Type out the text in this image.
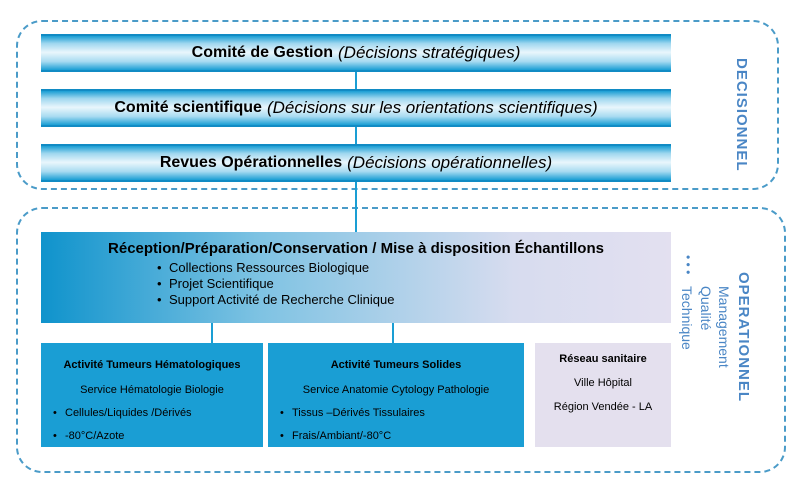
Comité de Gestion (Décisions stratégiques)
Comité scientifique (Décisions sur les orientations scientifiques)
Revues Opérationnelles (Décisions opérationnelles)	DECISIONNEL
OPERATIONNEL
Management
Qualité
Technique
• • •
Réception/Préparation/Conservation / Mise à disposition Échantillons
• Collections Ressources Biologique
• Projet Scientifique
• Support Activité de Recherche Clinique
Activité Tumeurs Hématologiques
Service Hématologie Biologie
• Cellules/Liquides /Dérivés
• -80°C/Azote
Activité Tumeurs Solides
Service Anatomie Cytology Pathologie
• Tissus –Dérivés Tissulaires
• Frais/Ambiant/-80°C
Réseau sanitaire
Ville Hôpital
Région Vendée - LA
